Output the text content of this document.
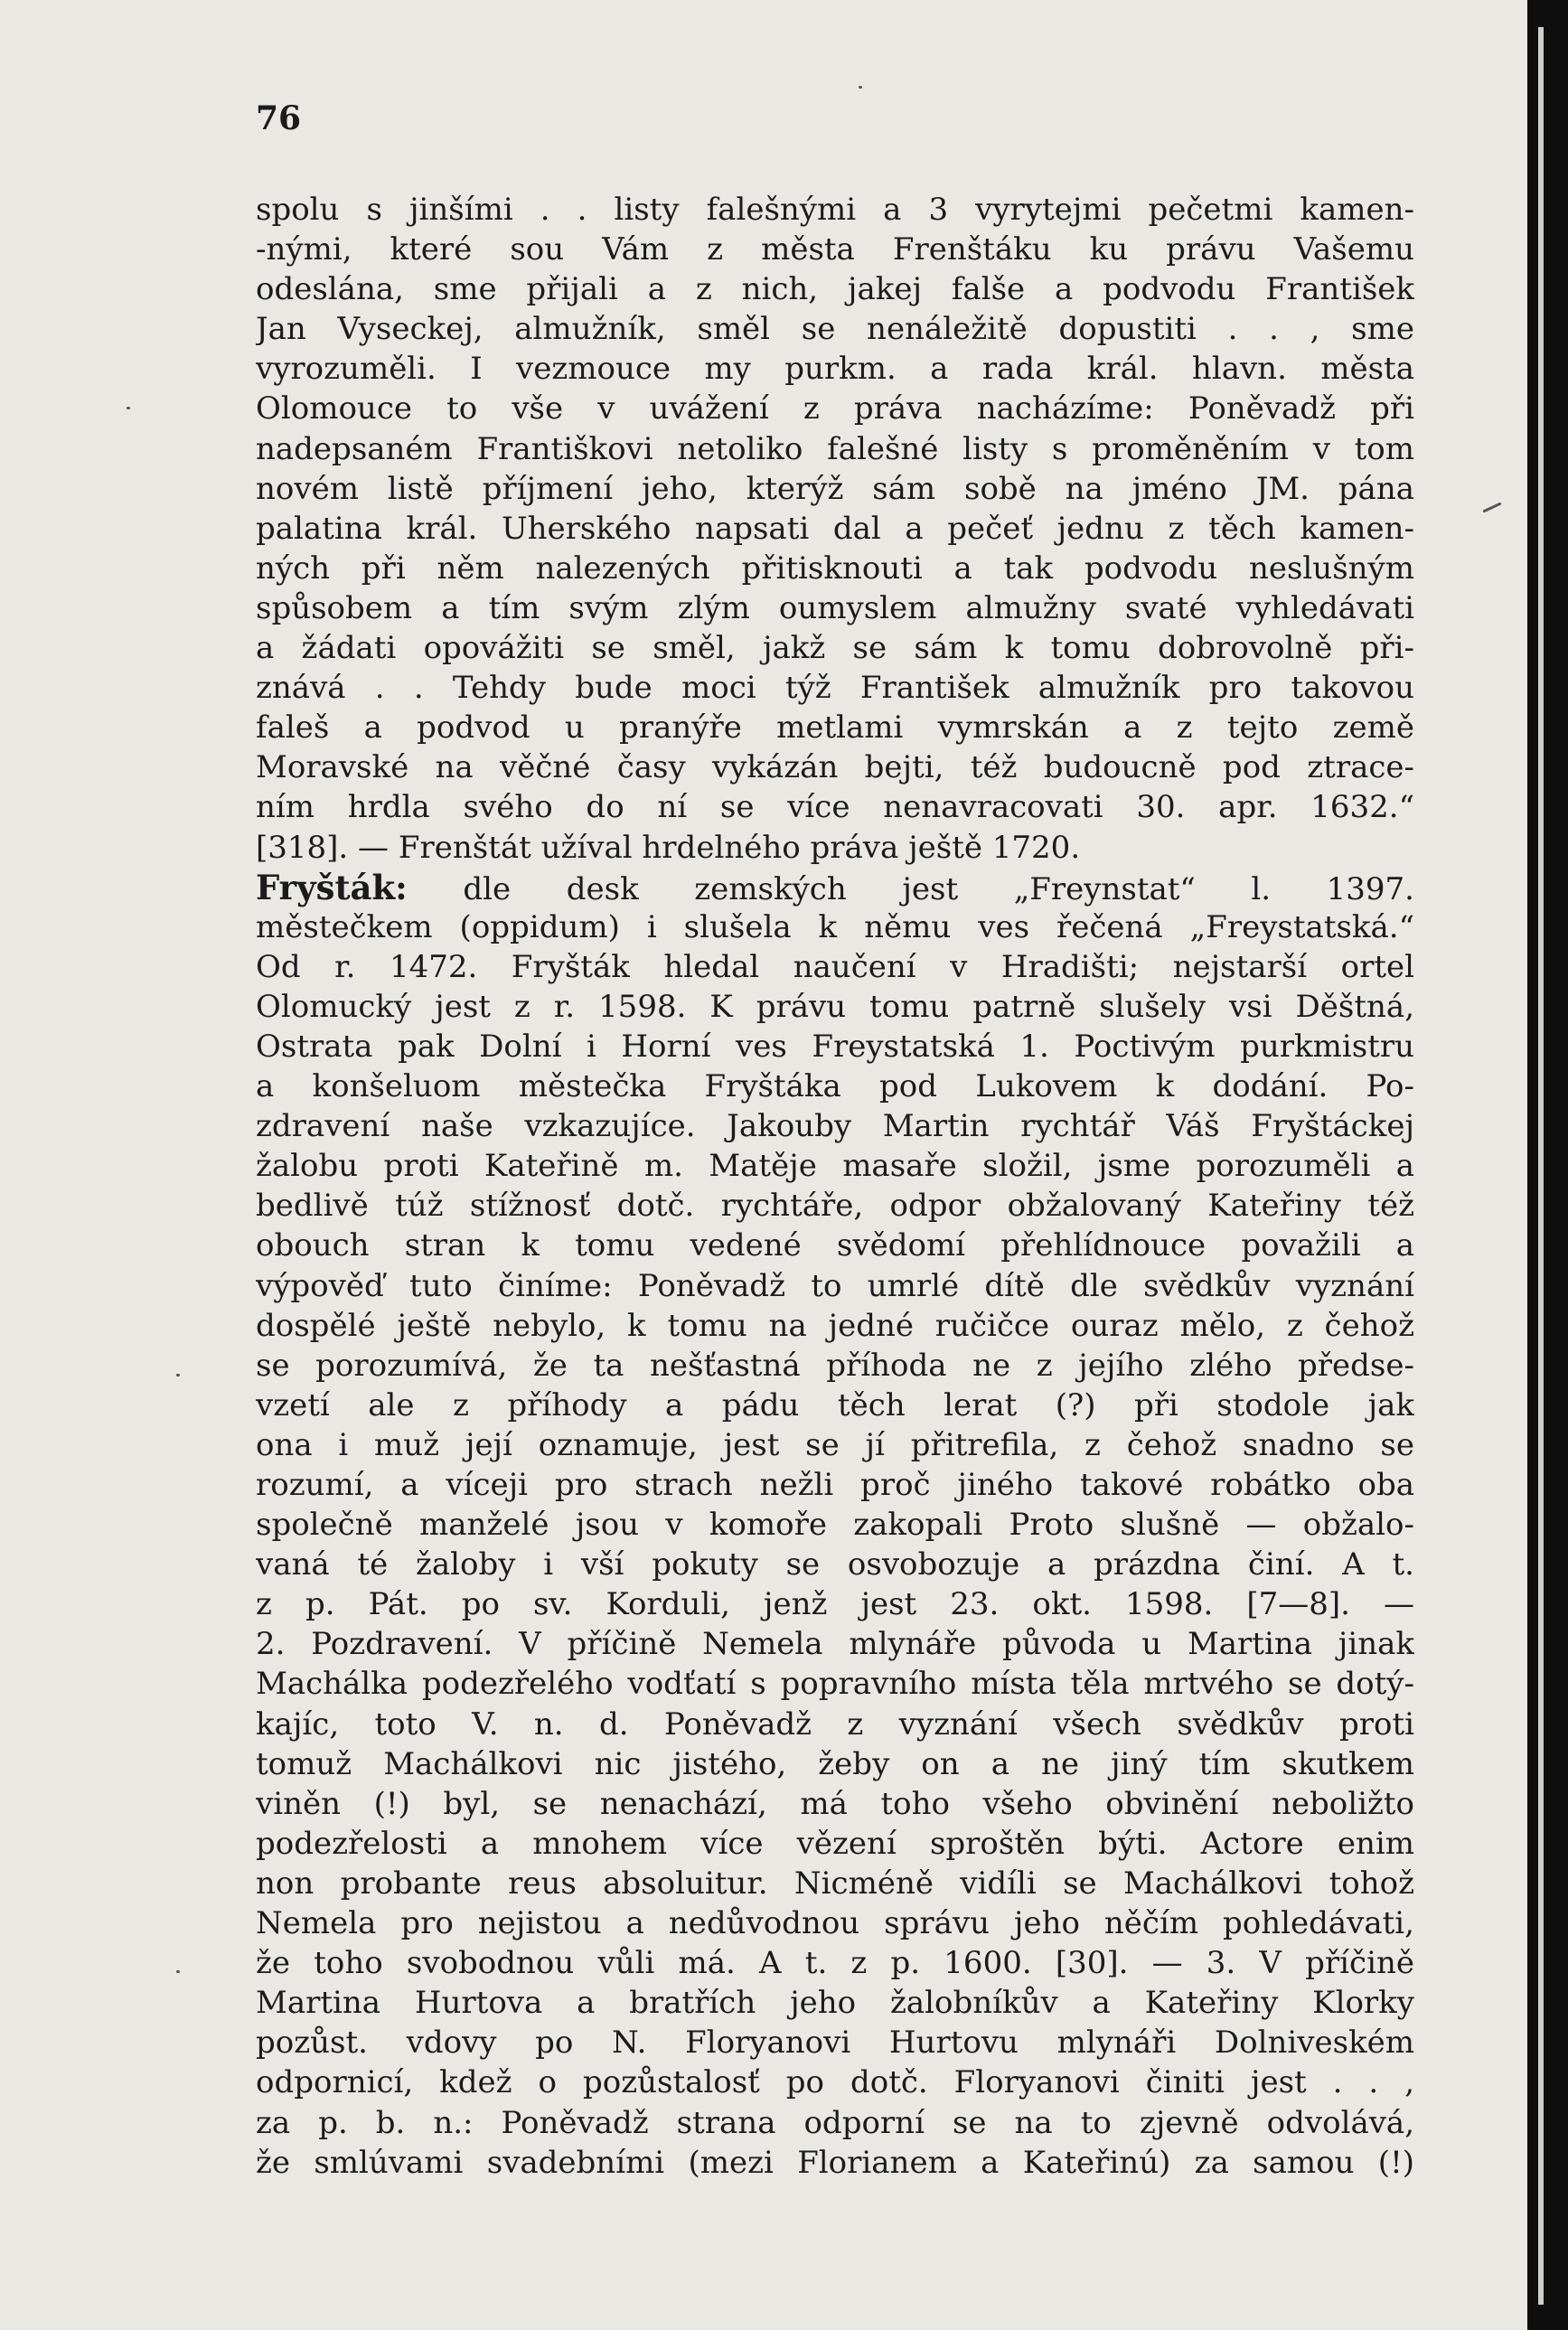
76
spolu s jinšími . . listy falešnými a 3 vyrytejmi pečetmi kamen-
-nými, které sou Vám z města Frenštáku ku právu Vašemu
odeslána, sme přijali a z nich, jakej falše a podvodu František
Jan Vyseckej, almužník, směl se nenáležitě dopustiti . . , sme
vyrozuměli. I vezmouce my purkm. a rada král. hlavn. města
Olomouce to vše v uvážení z práva nacházíme: Poněvadž při
nadepsaném Františkovi netoliko falešné listy s proměněním v tom
novém listě příjmení jeho, kterýž sám sobě na jméno JM. pána
palatina král. Uherského napsati dal a pečeť jednu z těch kamen-
ných při něm nalezených přitisknouti a tak podvodu neslušným
spůsobem a tím svým zlým oumyslem almužny svaté vyhledávati
a žádati opovážiti se směl, jakž se sám k tomu dobrovolně při-
znává . . Tehdy bude moci týž František almužník pro takovou
faleš a podvod u pranýře metlami vymrskán a z tejto země
Moravské na věčné časy vykázán bejti, též budoucně pod ztrace-
ním hrdla svého do ní se více nenavracovati 30. apr. 1632.“
[318]. — Frenštát užíval hrdelného práva ještě 1720.
Fryšták: dle desk zemských jest „Freynstat“ l. 1397.
městečkem (oppidum) i slušela k němu ves řečená „Freystatská.“
Od r. 1472. Fryšták hledal naučení v Hradišti; nejstarší ortel
Olomucký jest z r. 1598. K právu tomu patrně slušely vsi Děštná,
Ostrata pak Dolní i Horní ves Freystatská 1. Poctivým purkmistru
a konšeluom městečka Fryštáka pod Lukovem k dodání. Po-
zdravení naše vzkazujíce. Jakouby Martin rychtář Váš Fryštáckej
žalobu proti Kateřině m. Matěje masaře složil, jsme porozuměli a
bedlivě túž stížnosť dotč. rychtáře, odpor obžalovaný Kateřiny též
obouch stran k tomu vedené svědomí přehlídnouce považili a
výpověď tuto činíme: Poněvadž to umrlé dítě dle svědkův vyznání
dospělé ještě nebylo, k tomu na jedné ručičce ouraz mělo, z čehož
se porozumívá, že ta nešťastná příhoda ne z jejího zlého předse-
vzetí ale z příhody a pádu těch lerat (?) při stodole jak
ona i muž její oznamuje, jest se jí přitrefila, z čehož snadno se
rozumí, a víceji pro strach nežli proč jiného takové robátko oba
společně manželé jsou v komoře zakopali Proto slušně — obžalo-
vaná té žaloby i vší pokuty se osvobozuje a prázdna činí. A t.
z p. Pát. po sv. Korduli, jenž jest 23. okt. 1598. [7—8]. —
2. Pozdravení. V příčině Nemela mlynáře původa u Martina jinak
Machálka podezřelého vodťatí s popravního místa těla mrtvého se dotý-
kajíc, toto V. n. d. Poněvadž z vyznání všech svědkův proti
tomuž Machálkovi nic jistého, žeby on a ne jiný tím skutkem
viněn (!) byl, se nenachází, má toho všeho obvinění neboližto
podezřelosti a mnohem více vězení sproštěn býti. Actore enim
non probante reus absoluitur. Nicméně vidíli se Machálkovi tohož
Nemela pro nejistou a nedůvodnou správu jeho něčím pohledávati,
že toho svobodnou vůli má. A t. z p. 1600. [30]. — 3. V příčině
Martina Hurtova a bratřích jeho žalobníkův a Kateřiny Klorky
pozůst. vdovy po N. Floryanovi Hurtovu mlynáři Dolniveském
odpornicí, kdež o pozůstalosť po dotč. Floryanovi činiti jest . . ,
za p. b. n.: Poněvadž strana odporní se na to zjevně odvolává,
že smlúvami svadebními (mezi Florianem a Kateřinú) za samou (!)
